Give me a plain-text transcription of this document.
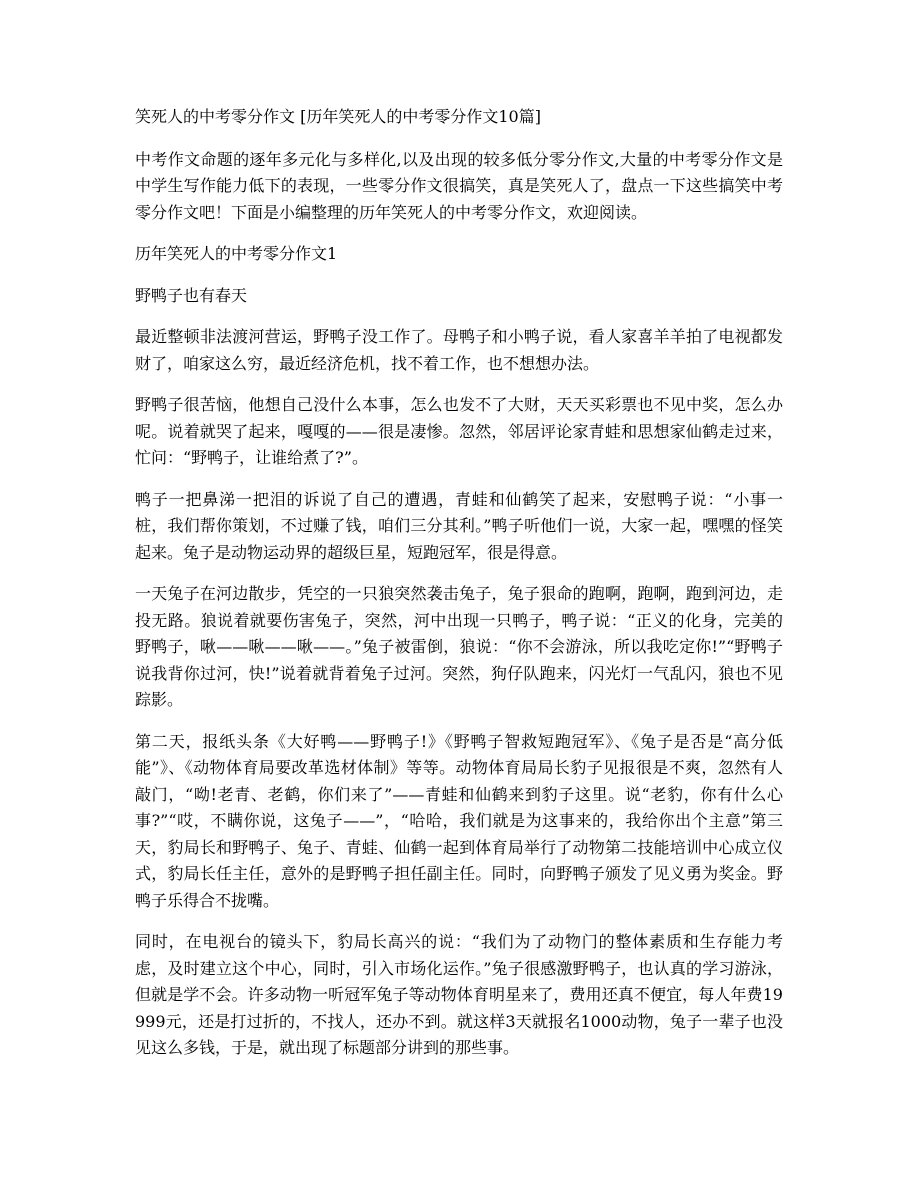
笑死人的中考零分作文 [历年笑死人的中考零分作文10篇]

中考作文命题的逐年多元化与多样化,以及出现的较多低分零分作文,大量的中考零分作文是中学生写作能力低下的表现，一些零分作文很搞笑，真是笑死人了，盘点一下这些搞笑中考零分作文吧！下面是小编整理的历年笑死人的中考零分作文，欢迎阅读。

历年笑死人的中考零分作文1

野鸭子也有春天

最近整顿非法渡河营运，野鸭子没工作了。母鸭子和小鸭子说，看人家喜羊羊拍了电视都发财了，咱家这么穷，最近经济危机，找不着工作，也不想想办法。

野鸭子很苦恼，他想自己没什么本事，怎么也发不了大财，天天买彩票也不见中奖，怎么办呢。说着就哭了起来，嘎嘎的——很是凄惨。忽然，邻居评论家青蛙和思想家仙鹤走过来，忙问：“野鸭子，让谁给煮了?”。

鸭子一把鼻涕一把泪的诉说了自己的遭遇，青蛙和仙鹤笑了起来，安慰鸭子说：“小事一桩，我们帮你策划，不过赚了钱，咱们三分其利。”鸭子听他们一说，大家一起，嘿嘿的怪笑起来。兔子是动物运动界的超级巨星，短跑冠军，很是得意。

一天兔子在河边散步，凭空的一只狼突然袭击兔子，兔子狠命的跑啊，跑啊，跑到河边，走投无路。狼说着就要伤害兔子，突然，河中出现一只鸭子，鸭子说：“正义的化身，完美的野鸭子，啾——啾——啾——。”兔子被雷倒，狼说：“你不会游泳，所以我吃定你!”“野鸭子说我背你过河，快!”说着就背着兔子过河。突然，狗仔队跑来，闪光灯一气乱闪，狼也不见踪影。

第二天，报纸头条《大好鸭——野鸭子!》《野鸭子智救短跑冠军》、《兔子是否是“高分低能”》、《动物体育局要改革选材体制》等等。动物体育局局长豹子见报很是不爽，忽然有人敲门，“呦!老青、老鹤，你们来了”——青蛙和仙鹤来到豹子这里。说“老豹，你有什么心事?”“哎，不瞒你说，这兔子——”，“哈哈，我们就是为这事来的，我给你出个主意”第三天，豹局长和野鸭子、兔子、青蛙、仙鹤一起到体育局举行了动物第二技能培训中心成立仪式，豹局长任主任，意外的是野鸭子担任副主任。同时，向野鸭子颁发了见义勇为奖金。野鸭子乐得合不拢嘴。

同时，在电视台的镜头下，豹局长高兴的说：“我们为了动物门的整体素质和生存能力考虑，及时建立这个中心，同时，引入市场化运作。”兔子很感激野鸭子，也认真的学习游泳，但就是学不会。许多动物一听冠军兔子等动物体育明星来了，费用还真不便宜，每人年费19999元，还是打过折的，不找人，还办不到。就这样3天就报名1000动物，兔子一辈子也没见这么多钱，于是，就出现了标题部分讲到的那些事。
